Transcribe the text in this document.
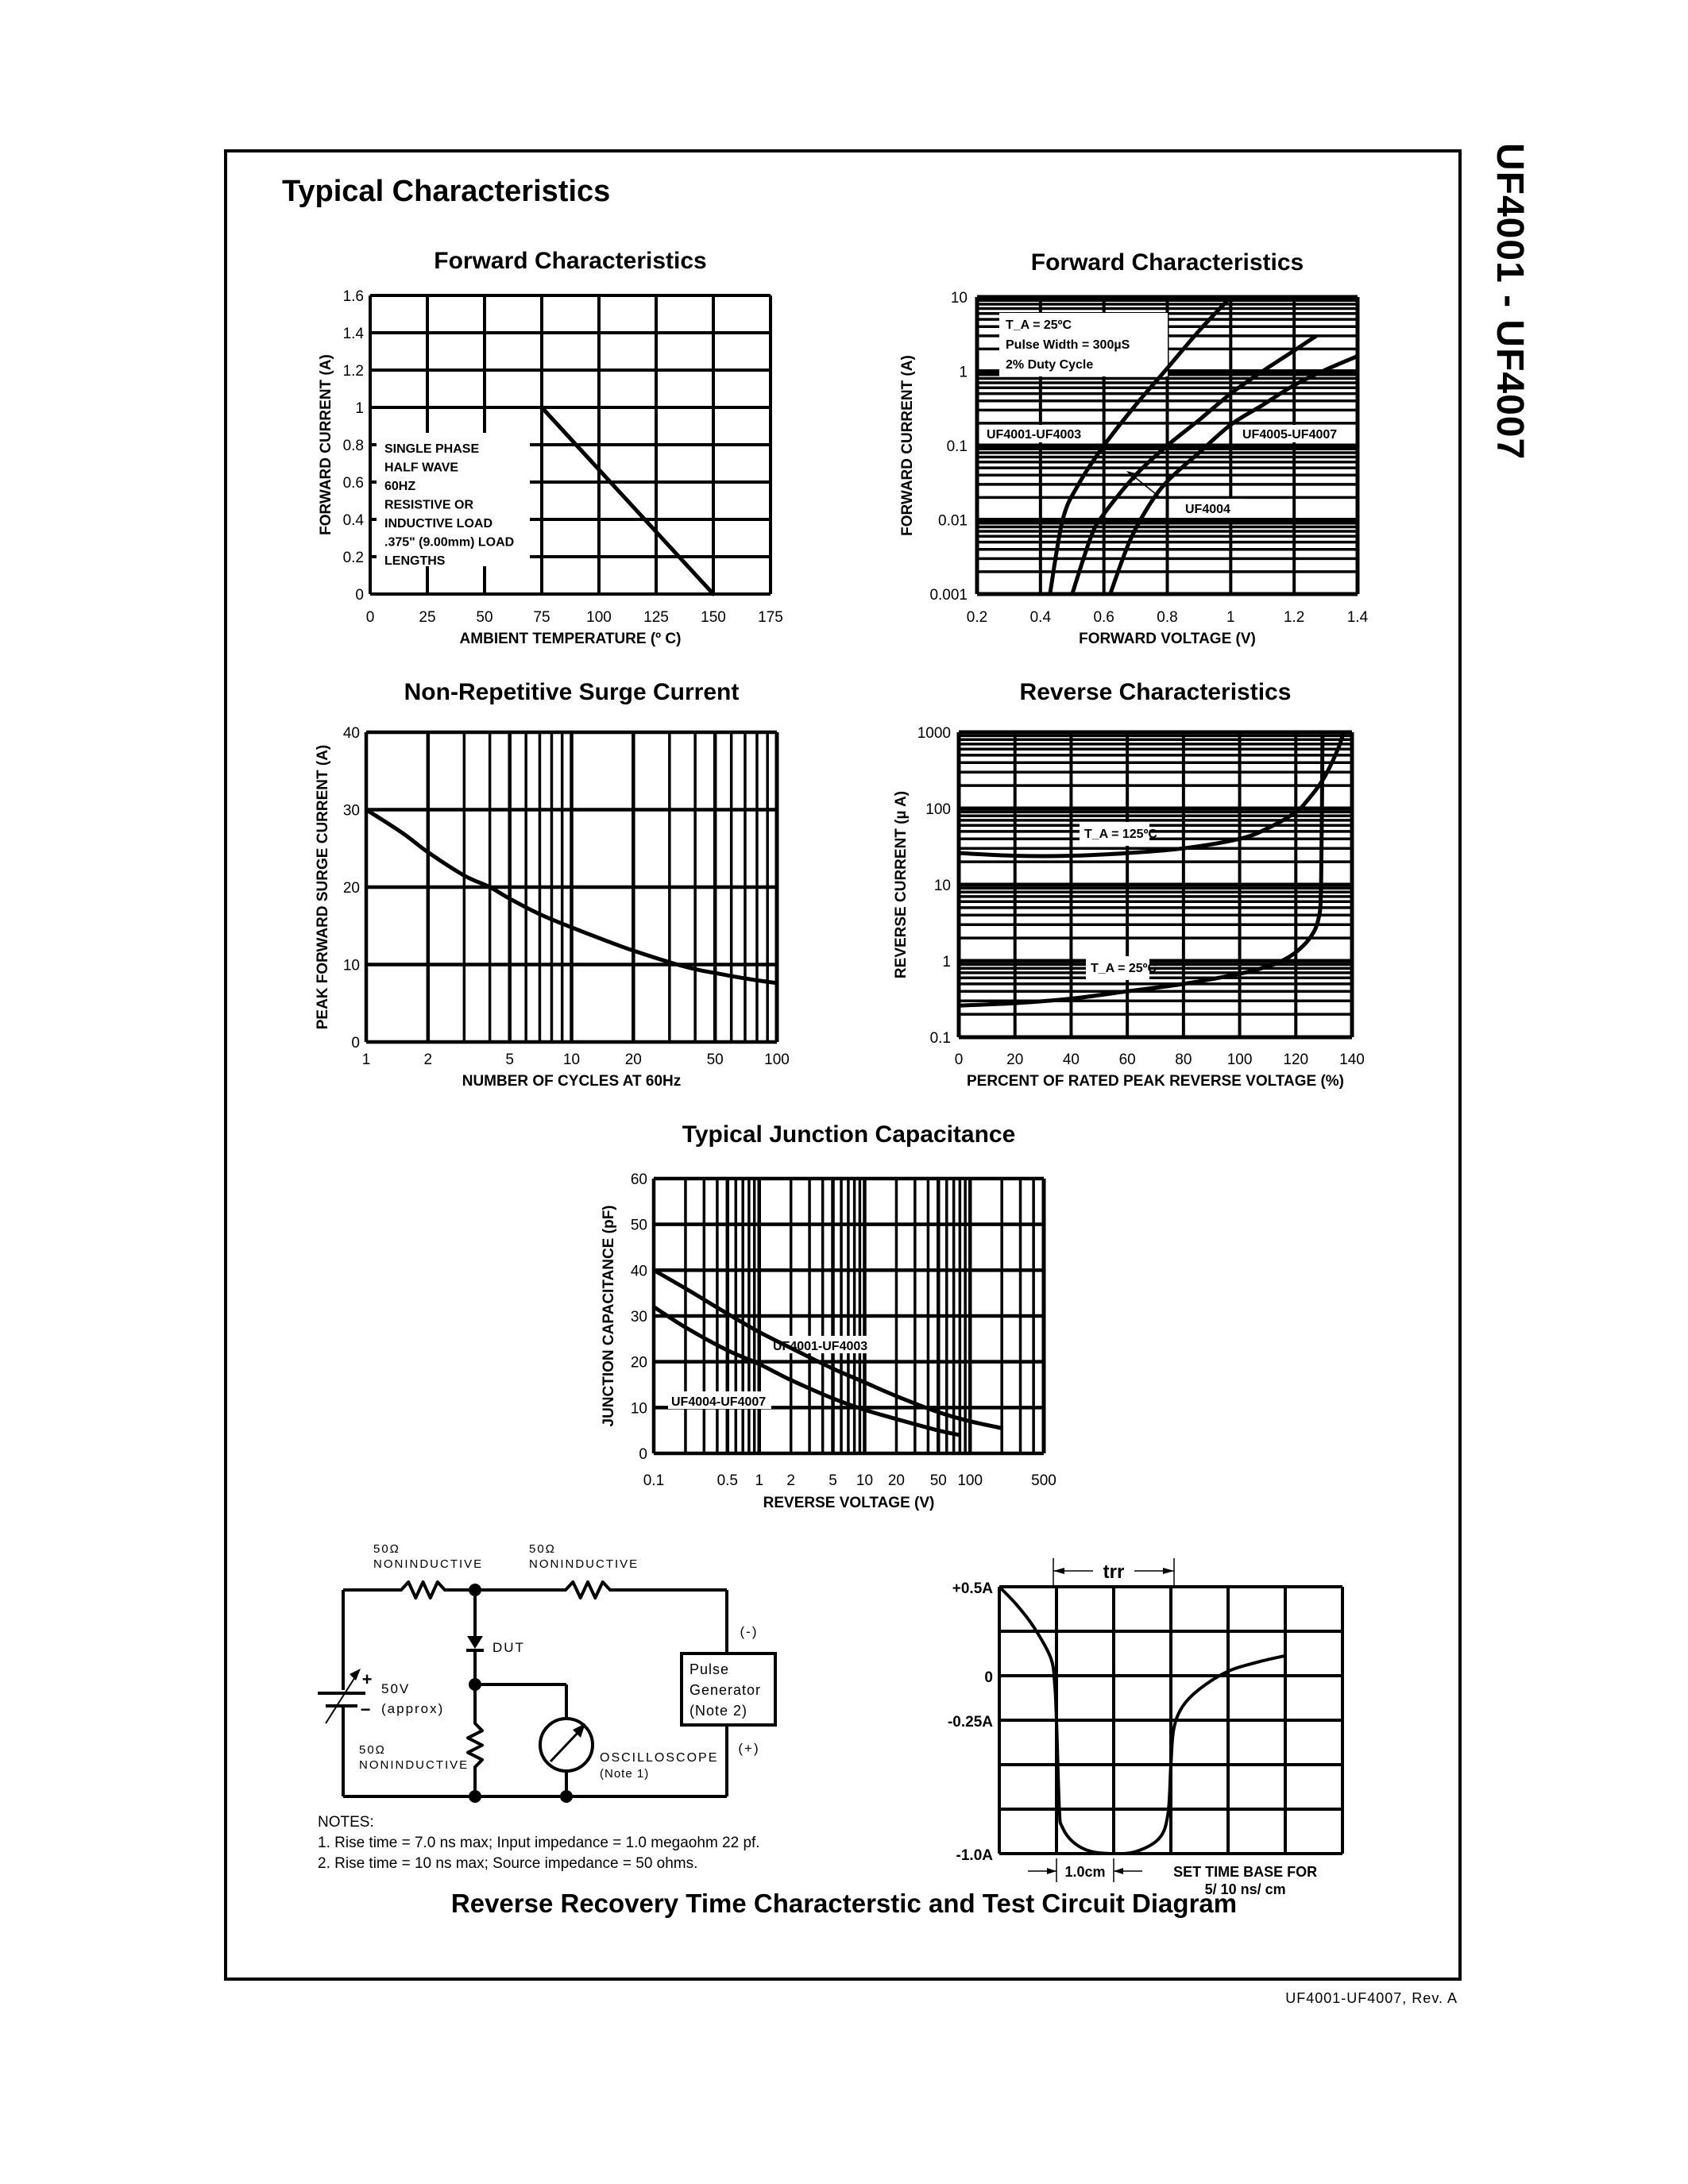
UF4001 - UF4007
Typical Characteristics
Forward Characteristics	Forward Characteristics
Non-Repetitive Surge Current	Reverse Characteristics
Typical Junction Capacitance
0	25	50	75 100 125 150 175
0
0.2
0.4
0.6
0.8
1
1.2
1.4
1.6
SINGLE PHASE
HALF WAVE
60HZ
RESISTIVE OR
INDUCTIVE LOAD
.375" (9.00mm) LOAD
LENGTHS
AMBIENT TEMPERATURE (º C)
FORWARD CURRENT (A)
0.2	0.4	0.6	0.8	1	1.2	1.4
0.001
0.01
0.1
1
10
T_A = 25ºC
Pulse Width = 300µS
2% Duty Cycle
UF4001-UF4003	UF4005-UF4007
UF4004
FORWARD VOLTAGE (V)
FORWARD CURRENT (A)
1	2	5	10	20	50	100
0
10
20
30
40
NUMBER OF CYCLES AT 60Hz
PEAK FORWARD SURGE CURRENT (A)
0	20	40	60	80 100 120 140
0.1
1
10
100
1000
T_A = 125ºC
T_A = 25ºC
PERCENT OF RATED PEAK REVERSE VOLTAGE (%)
REVERSE CURRENT (µ A)
0.1	0.5 1 2 5 10 20 50 100	500
0
10
20
30
40
50
60
UF4001-UF4003
UF4004-UF4007
REVERSE VOLTAGE (V)
JUNCTION CAPACITANCE (pF)
+0.5A
0
-0.25A
-1.0A
trr
1.0cm	SET TIME BASE FOR
5/ 10 ns/ cm
+
−
50V
(approx)
DUT
Pulse
Generator
(Note 2)
(-)
(+)
50Ω
NONINDUCTIVE
50Ω
NONINDUCTIVE
50Ω
NONINDUCTIVE
OSCILLOSCOPE
(Note 1)
NOTES:
1. Rise time = 7.0 ns max; Input impedance = 1.0 megaohm 22 pf.
2. Rise time = 10 ns max; Source impedance = 50 ohms.
Reverse Recovery Time Characterstic and Test Circuit Diagram
UF4001-UF4007, Rev. A
